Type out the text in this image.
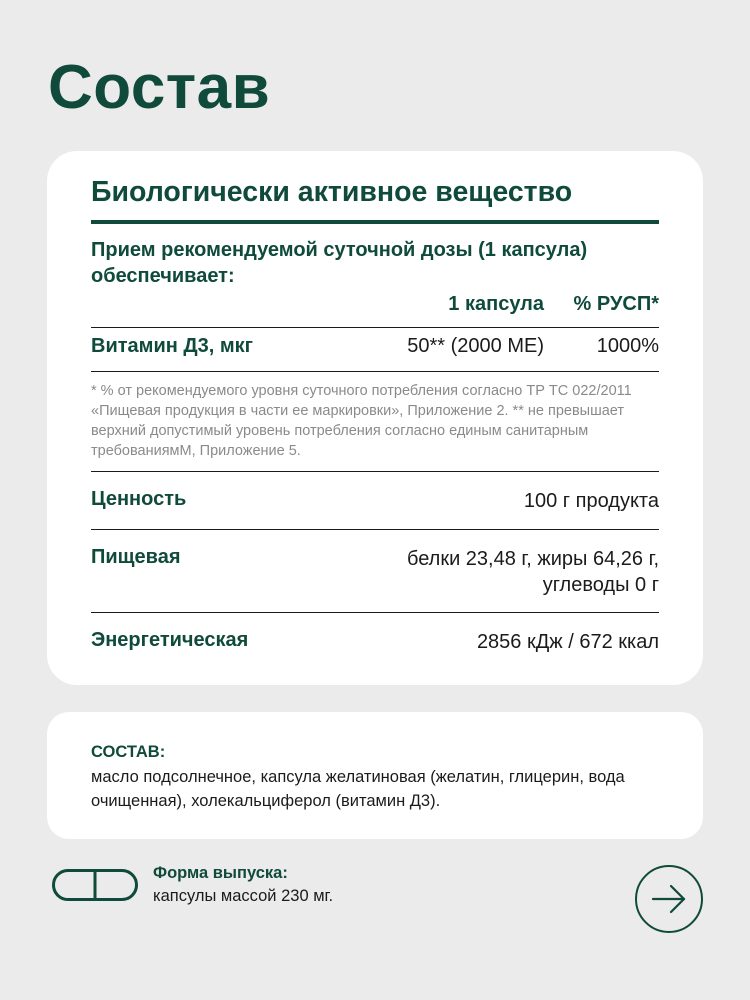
Состав
Биологически активное вещество
Прием рекомендуемой суточной дозы (1 капсула) обеспечивает:
1 капсула % РУСП*
Витамин Д3, мкг	50** (2000 МЕ)	1000%
* % от рекомендуемого уровня суточного потребления согласно ТР ТС 022/2011 «Пищевая продукция в части ее маркировки», Приложение 2. ** не превышает верхний допустимый уровень потребления согласно единым санитарным требованиямМ, Приложение 5.
Ценность	100 г продукта
Пищевая	белки 23,48 г, жиры 64,26 г,
углеводы 0 г
Энергетическая	2856 кДж / 672 ккал
СОСТАВ:
масло подсолнечное, капсула желатиновая (желатин, глицерин, вода очищенная), холекальциферол (витамин Д3).
Форма выпуска:
капсулы массой 230 мг.
